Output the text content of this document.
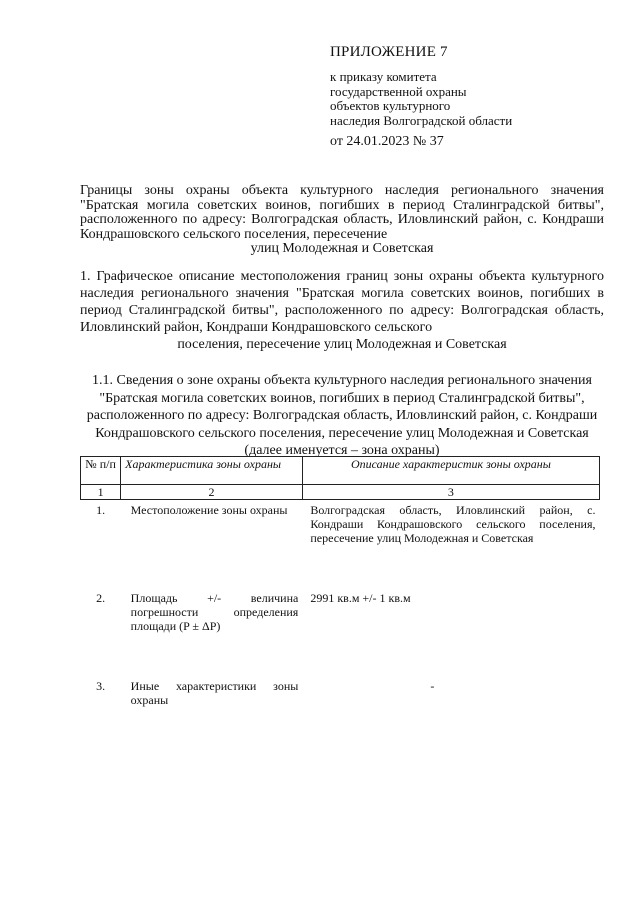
ПРИЛОЖЕНИЕ 7
к приказу комитета
государственной охраны
объектов культурного
наследия Волгоградской области
от 24.01.2023 № 37
Границы зоны охраны объекта культурного наследия регионального значения "Братская могила советских воинов, погибших в период Сталинградской битвы", расположенного по адресу: Волгоградская область, Иловлинский район, с. Кондраши Кондрашовского сельского поселения, пересечение
улиц Молодежная и Советская
1. Графическое описание местоположения границ зоны охраны объекта культурного наследия регионального значения "Братская могила советских воинов, погибших в период Сталинградской битвы", расположенного по адресу: Волгоградская область, Иловлинский район, Кондраши Кондрашовского сельского
поселения, пересечение улиц Молодежная и Советская
1.1. Сведения о зоне охраны объекта культурного наследия регионального значения "Братская могила советских воинов, погибших в период Сталинградской битвы", расположенного по адресу: Волгоградская область, Иловлинский район, с. Кондраши Кондрашовского сельского поселения, пересечение улиц Молодежная и Советская (далее именуется – зона охраны)
№ п/п	Характеристика зоны охраны	Описание характеристик зоны охраны
1	2	3
1.	Местоположение зоны охраны	Волгоградская область, Иловлинский район, с. Кондраши Кондрашовского сельского поселения, пересечение улиц Молодежная и Советская

2.	Площадь +/- величина погрешности определения площади (P ± ΔP)	2991 кв.м +/- 1 кв.м

3.	Иные характеристики зоны охраны	-
